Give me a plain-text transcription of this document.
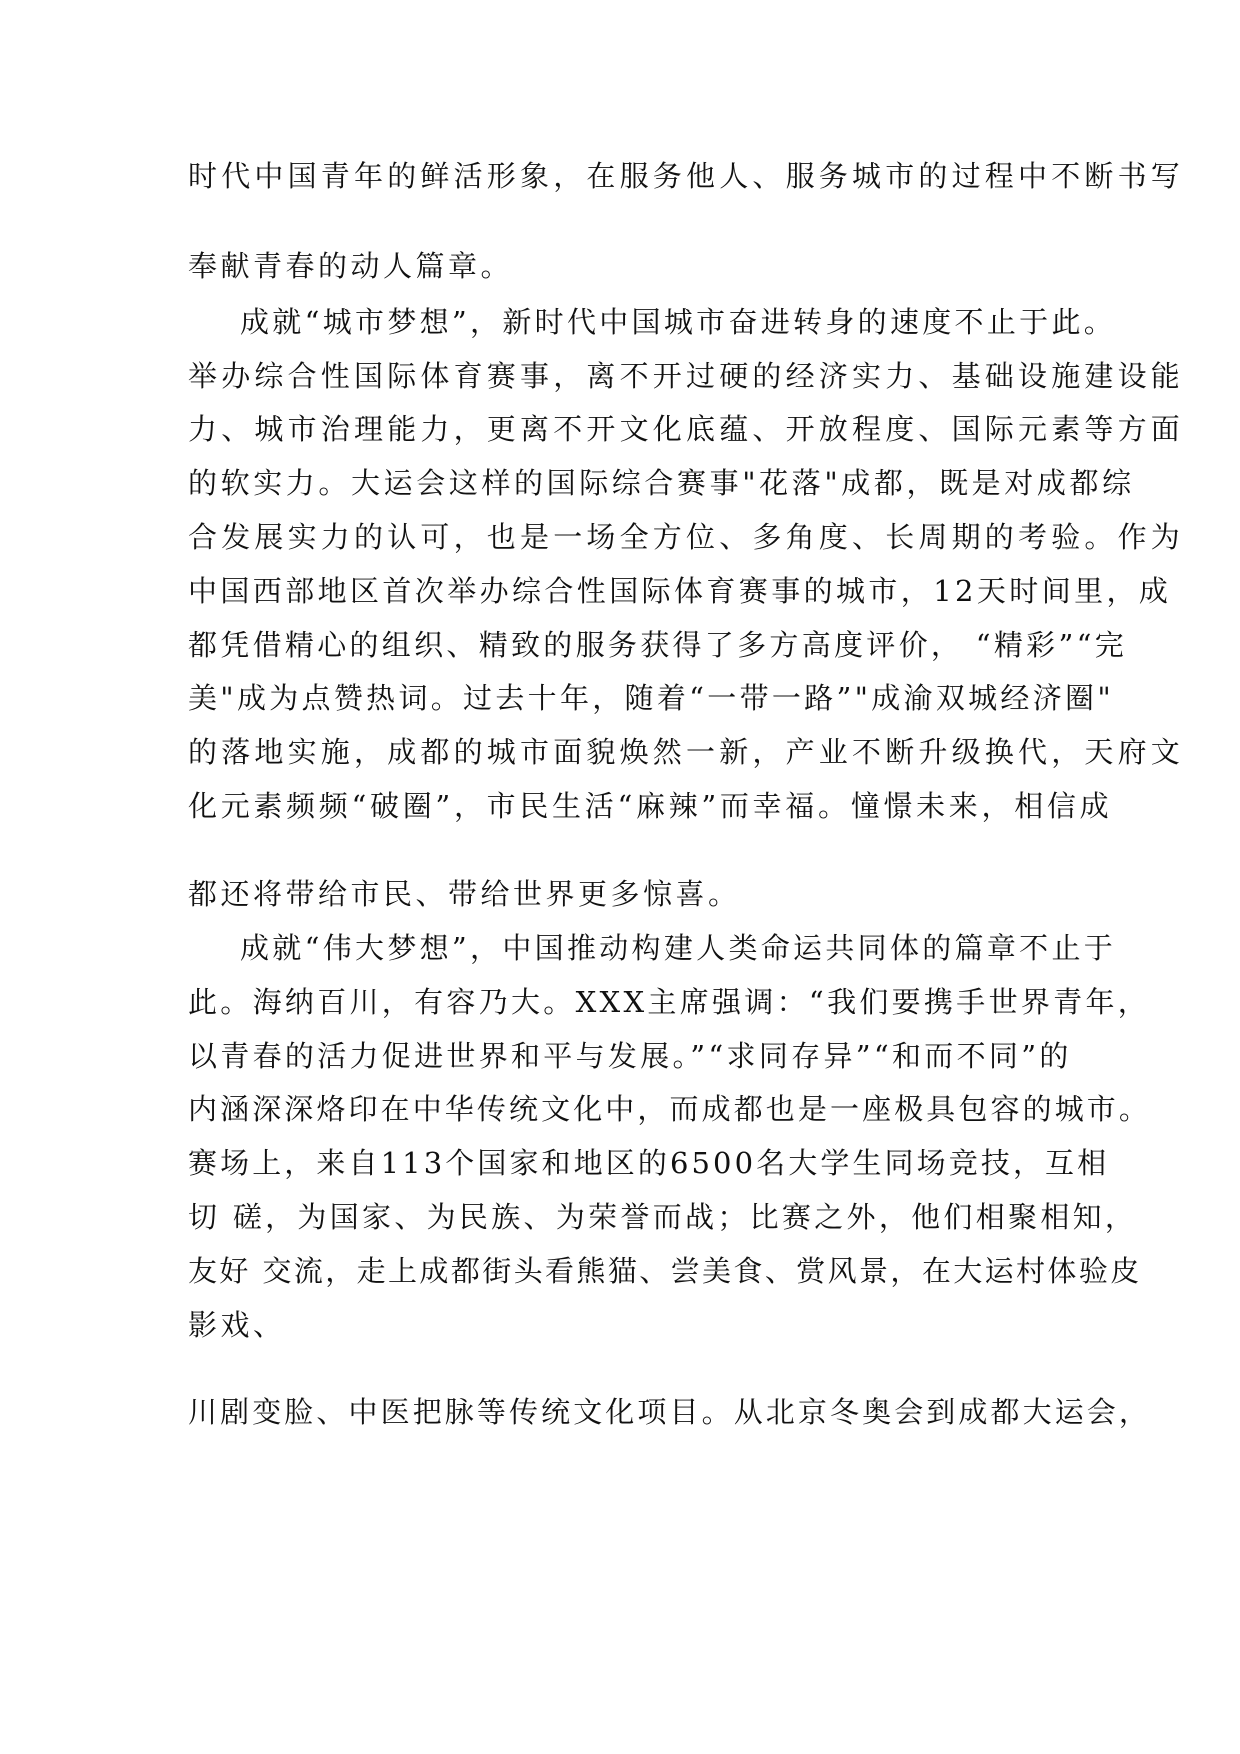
时代中国青年的鲜活形象，在服务他人、服务城市的过程中不断书写
奉献青春的动人篇章。
成就“城市梦想”，新时代中国城市奋进转身的速度不止于此。
举办综合性国际体育赛事，离不开过硬的经济实力、基础设施建设能
力、城市治理能力，更离不开文化底蕴、开放程度、国际元素等方面
的软实力。大运会这样的国际综合赛事"花落"成都，既是对成都综
合发展实力的认可，也是一场全方位、多角度、长周期的考验。作为
中国西部地区首次举办综合性国际体育赛事的城市，12天时间里，成
都凭借精心的组织、精致的服务获得了多方高度评价， “精彩”“完
美"成为点赞热词。过去十年，随着“一带一路”"成渝双城经济圈"
的落地实施，成都的城市面貌焕然一新，产业不断升级换代，天府文
化元素频频“破圈”，市民生活“麻辣”而幸福。憧憬未来，相信成
都还将带给市民、带给世界更多惊喜。
成就“伟大梦想”，中国推动构建人类命运共同体的篇章不止于
此。海纳百川，有容乃大。XXX主席强调：“我们要携手世界青年，
以青春的活力促进世界和平与发展。”“求同存异”“和而不同”的
内涵深深烙印在中华传统文化中，而成都也是一座极具包容的城市。
赛场上，来自113个国家和地区的6500名大学生同场竞技，互相
切 磋，为国家、为民族、为荣誉而战；比赛之外，他们相聚相知，
友好 交流，走上成都街头看熊猫、尝美食、赏风景，在大运村体验皮
影戏、
川剧变脸、中医把脉等传统文化项目。从北京冬奥会到成都大运会，
